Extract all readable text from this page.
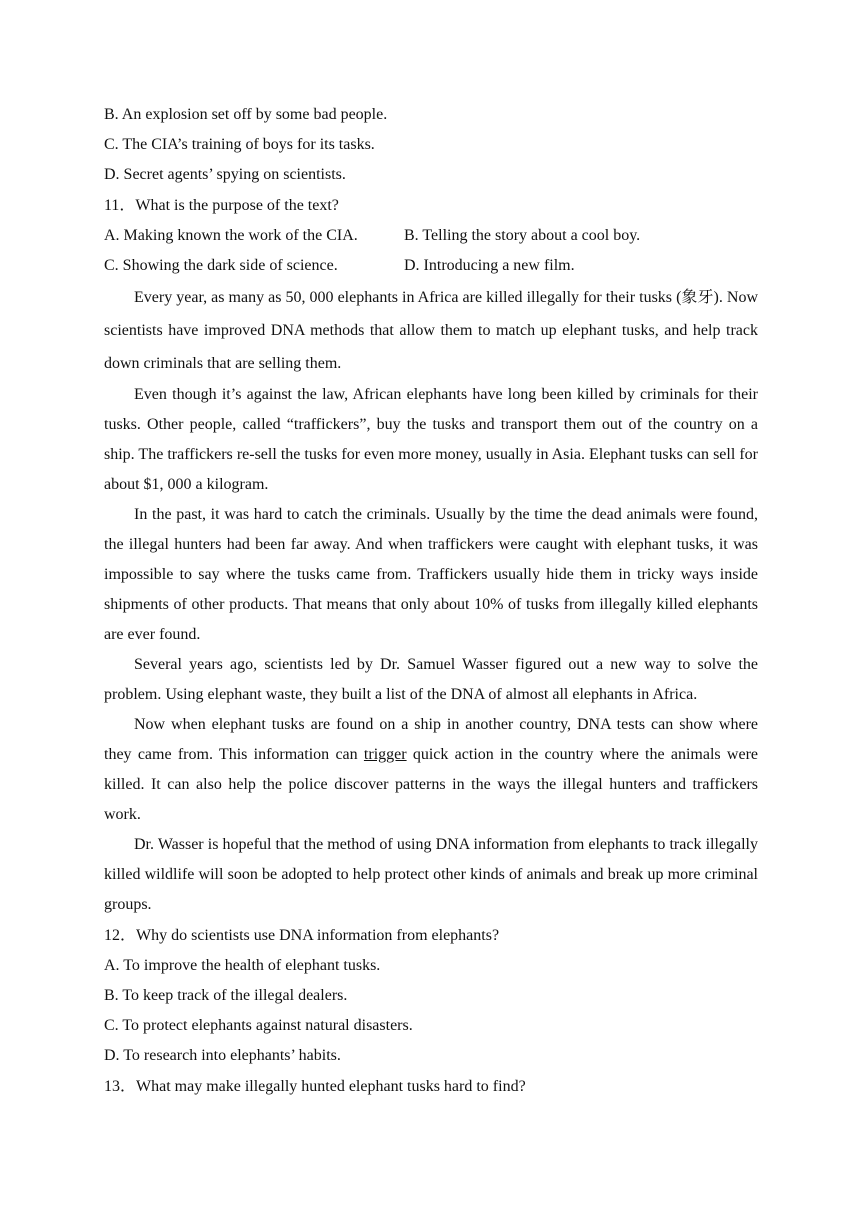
B. An explosion set off by some bad people.
C. The CIA’s training of boys for its tasks.
D. Secret agents’ spying on scientists.
11．What is the purpose of the text?
A. Making known the work of the CIA.	B. Telling the story about a cool boy.
C. Showing the dark side of science.	D. Introducing a new film.

Every year, as many as 50, 000 elephants in Africa are killed illegally for their tusks (象牙). Now scientists have improved DNA methods that allow them to match up elephant tusks, and help track down criminals that are selling them.

Even though it’s against the law, African elephants have long been killed by criminals for their tusks. Other people, called “traffickers”, buy the tusks and transport them out of the country on a ship. The traffickers re-sell the tusks for even more money, usually in Asia. Elephant tusks can sell for about $1, 000 a kilogram.

In the past, it was hard to catch the criminals. Usually by the time the dead animals were found, the illegal hunters had been far away. And when traffickers were caught with elephant tusks, it was impossible to say where the tusks came from. Traffickers usually hide them in tricky ways inside shipments of other products. That means that only about 10% of tusks from illegally killed elephants are ever found.

Several years ago, scientists led by Dr. Samuel Wasser figured out a new way to solve the problem. Using elephant waste, they built a list of the DNA of almost all elephants in Africa.

Now when elephant tusks are found on a ship in another country, DNA tests can show where they came from. This information can trigger quick action in the country where the animals were killed. It can also help the police discover patterns in the ways the illegal hunters and traffickers work.

Dr. Wasser is hopeful that the method of using DNA information from elephants to track illegally killed wildlife will soon be adopted to help protect other kinds of animals and break up more criminal groups.

12．Why do scientists use DNA information from elephants?
A. To improve the health of elephant tusks.
B. To keep track of the illegal dealers.
C. To protect elephants against natural disasters.
D. To research into elephants’ habits.
13．What may make illegally hunted elephant tusks hard to find?
